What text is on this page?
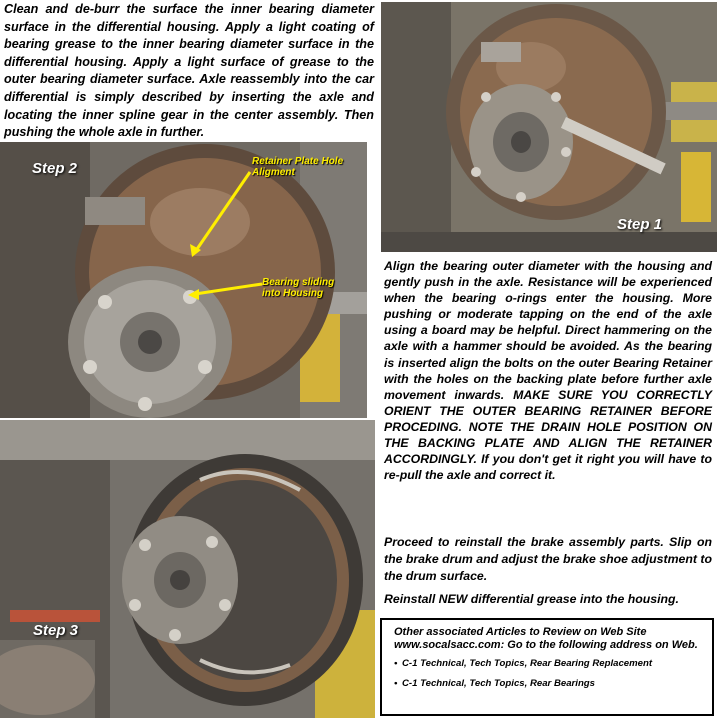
Clean and de-burr the surface the inner bearing diameter surface in the differential housing. Apply a light coating of bearing grease to the inner bearing diameter surface in the differential housing. Apply a light surface of grease to the outer bearing diameter surface. Axle reassembly into the car differential is simply described by inserting the axle and locating the inner spline gear in the center assembly. Then pushing the whole axle in further.

Step 1
Step 2	Retainer Plate Hole Aligment
Bearing sliding into Housing

Align the bearing outer diameter with the housing and gently push in the axle. Resistance will be experienced when the bearing o-rings enter the housing. More pushing or moderate tapping on the end of the axle using a board may be helpful. Direct hammering on the axle with a hammer should be avoided. As the bearing is inserted align the bolts on the outer Bearing Retainer with the holes on the backing plate before further axle movement inwards. MAKE SURE YOU CORRECTLY ORIENT THE OUTER BEARING RETAINER BEFORE PROCEDING. NOTE THE DRAIN HOLE POSITION ON THE BACKING PLATE AND ALIGN THE RETAINER ACCORDINGLY. If you don't get it right you will have to re-pull the axle and correct it.

Step 3

Proceed to reinstall the brake assembly parts. Slip on the brake drum and adjust the brake shoe adjustment to the drum surface.

Reinstall NEW differential grease into the housing.

Other associated Articles to Review on Web Site www.socalsacc.com: Go to the following address on Web.

• C-1 Technical, Tech Topics, Rear Bearing Replacement
• C-1 Technical, Tech Topics, Rear Bearings
